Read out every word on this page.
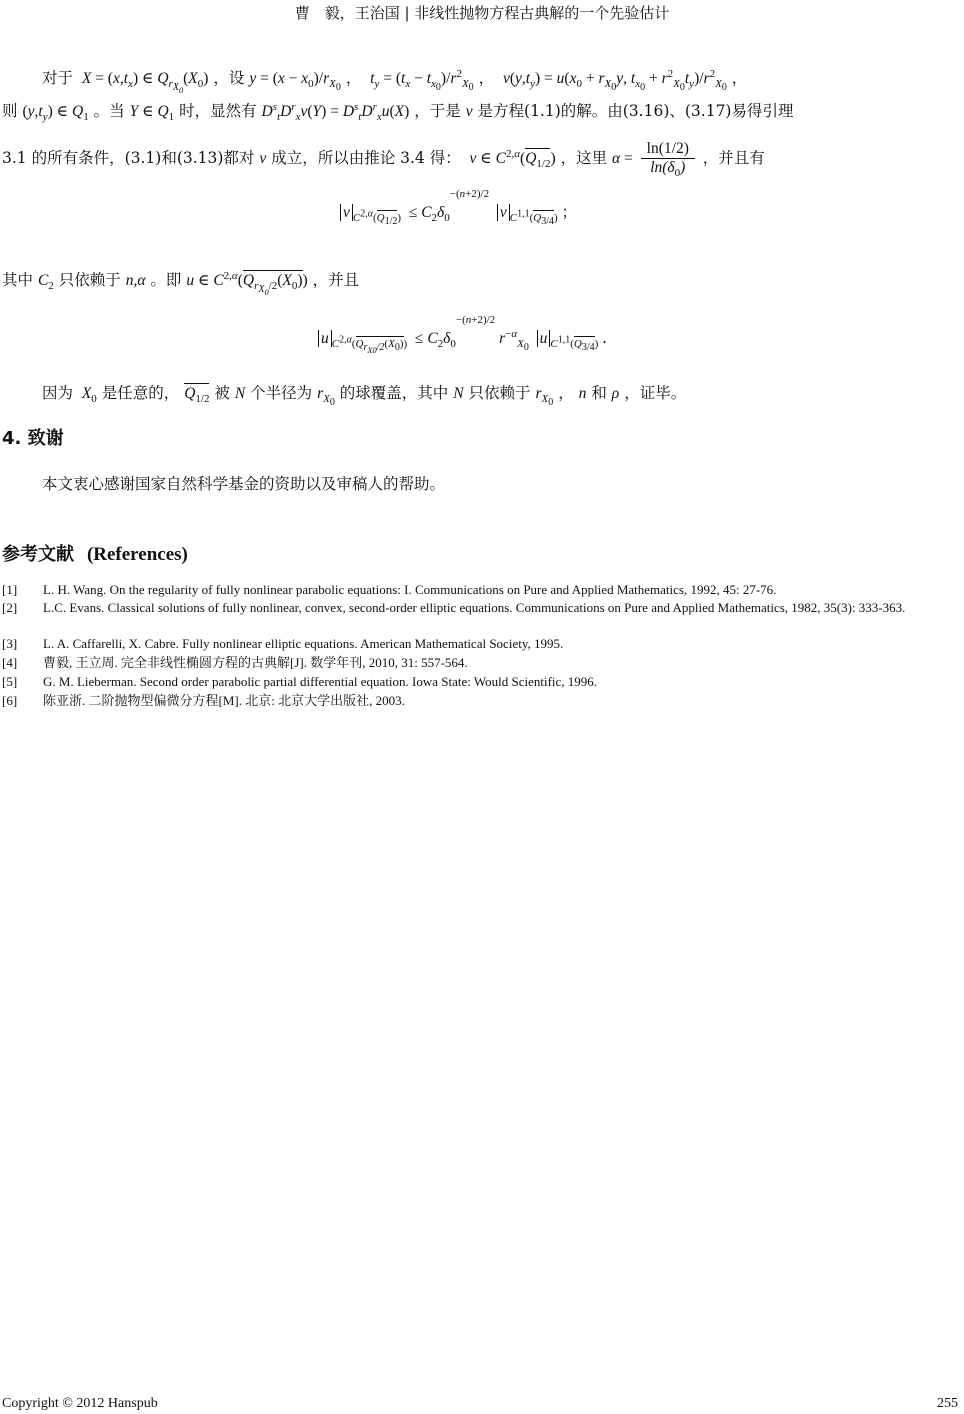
曹　毅，王治国 | 非线性抛物方程古典解的一个先验估计
对于  $X = (x,t_x)$ ∈ $Q_{r_{X_0}}(X_0)$ ，设 $y = (x - x_0)/r_{X_0}$ ，  $t_y = (t_x - t_{x_0})/r^2_{X_0}$ ，  $v(y,t_y) = u(x_0 + r_{X_0}y$, $t_{x_0} + r^2_{X_0}t_y)/r^2_{X_0}$ ，
则 $(y,t_y)$ ∈ $Q_1$ 。当 Y ∈ $Q_1$ 时，显然有 $D^s_tD^r_xv(Y) = D^s_tD^r_xu(X)$ ，于是 v 是方程(1.1)的解。由(3.16)、(3.17)易得引理
3.1 的所有条件，(3.1)和(3.13)都对 v 成立，所以由推论 3.4 得：  v ∈ $C^{2,\alpha}(Q_{1/2})$ ，这里 $\alpha = \frac{\ln(1/2)}{\ln(\delta_0)}$ ，并且有
v $_{C^{2,\alpha}(Q_{1/2})} \le C_2\delta_0^{-(n+2)/2}$  v $_{C^{1,1}(Q_{3/4})}$ ；
其中 $C_2$ 只依赖于 n,α 。即 u ∈ $C^{2,\alpha}(Q_{r_{X_0}/2}(X_0))$ ，并且
u $_{C^{2,\alpha}(Q_{r_{X0}/2}(X_0))} \le C_2\delta_0^{-(n+2)/2}$ $r^{-\alpha}_{X_0}$  u $_{C^{1,1}(Q_{3/4})}$ .
因为  $X_0$ 是任意的， $Q_{1/2}$ 被 N 个半径为 $r_{X_0}$ 的球覆盖，其中 N 只依赖于 $r_{X_0}$ ， n 和 ρ ，证毕。
4. 致谢
本文衷心感谢国家自然科学基金的资助以及审稿人的帮助。
参考文献 (References)
[1] L. H. Wang. On the regularity of fully nonlinear parabolic equations: I. Communications on Pure and Applied Mathematics, 1992, 45: 27-76.
[2] L.C. Evans. Classical solutions of fully nonlinear, convex, second-order elliptic equations. Communications on Pure and Applied Mathematics, 1982, 35(3): 333-363.
[3] L. A. Caffarelli, X. Cabre. Fully nonlinear elliptic equations. American Mathematical Society, 1995.
[4] 曹毅, 王立周. 完全非线性椭圆方程的古典解[J]. 数学年刊, 2010, 31: 557-564.
[5] G. M. Lieberman. Second order parabolic partial differential equation. Iowa State: Would Scientific, 1996.
[6] 陈亚浙. 二阶抛物型偏微分方程[M]. 北京: 北京大学出版社, 2003.
Copyright © 2012 Hanspub	255
